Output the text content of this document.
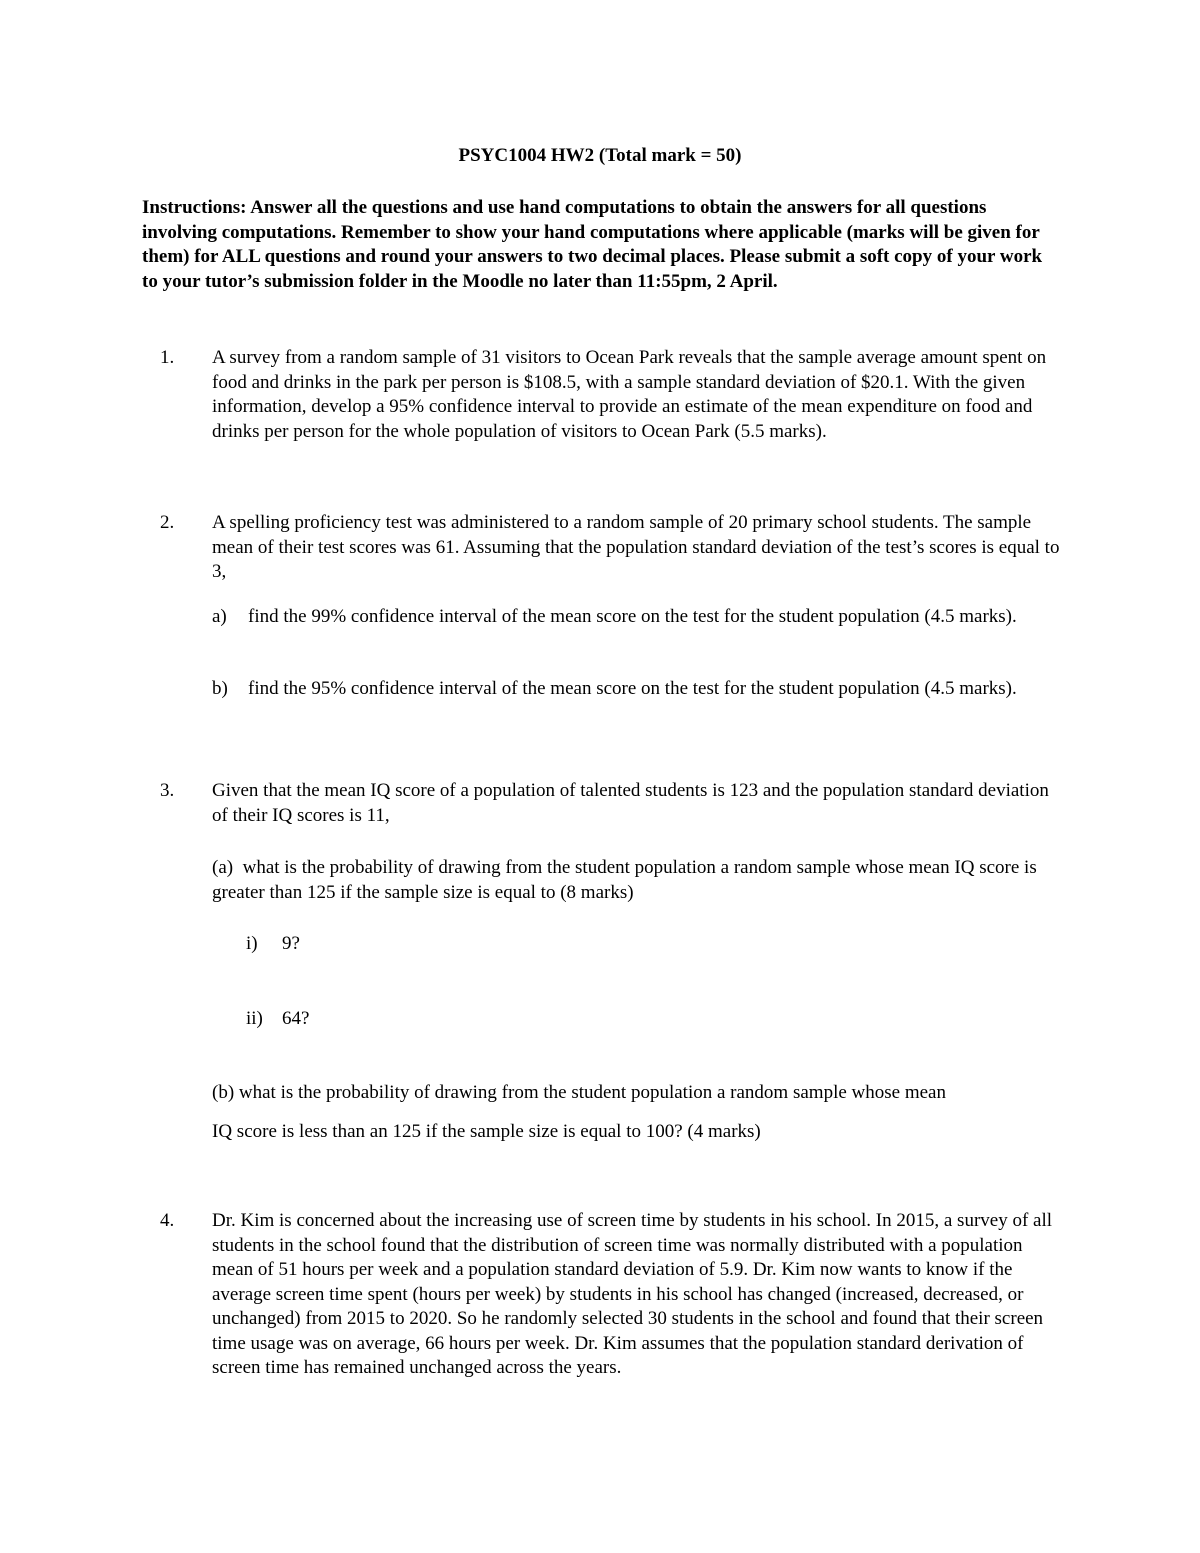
PSYC1004 HW2 (Total mark = 50)

Instructions: Answer all the questions and use hand computations to obtain the answers for all questions involving computations. Remember to show your hand computations where applicable (marks will be given for them) for ALL questions and round your answers to two decimal places. Please submit a soft copy of your work to your tutor’s submission folder in the Moodle no later than 11:55pm, 2 April.

1.	A survey from a random sample of 31 visitors to Ocean Park reveals that the sample average amount spent on food and drinks in the park per person is $108.5, with a sample standard deviation of $20.1. With the given information, develop a 95% confidence interval to provide an estimate of the mean expenditure on food and drinks per person for the whole population of visitors to Ocean Park (5.5 marks).

2.	A spelling proficiency test was administered to a random sample of 20 primary school students. The sample mean of their test scores was 61. Assuming that the population standard deviation of the test’s scores is equal to 3,

a) find the 99% confidence interval of the mean score on the test for the student population (4.5 marks).

b) find the 95% confidence interval of the mean score on the test for the student population (4.5 marks).

3.	Given that the mean IQ score of a population of talented students is 123 and the population standard deviation of their IQ scores is 11,

(a) what is the probability of drawing from the student population a random sample whose mean IQ score is greater than 125 if the sample size is equal to (8 marks)

i) 9?
ii) 64?

(b) what is the probability of drawing from the student population a random sample whose mean

IQ score is less than an 125 if the sample size is equal to 100? (4 marks)

4.	Dr. Kim is concerned about the increasing use of screen time by students in his school. In 2015, a survey of all students in the school found that the distribution of screen time was normally distributed with a population mean of 51 hours per week and a population standard deviation of 5.9. Dr. Kim now wants to know if the average screen time spent (hours per week) by students in his school has changed (increased, decreased, or unchanged) from 2015 to 2020. So he randomly selected 30 students in the school and found that their screen time usage was on average, 66 hours per week. Dr. Kim assumes that the population standard derivation of screen time has remained unchanged across the years.
